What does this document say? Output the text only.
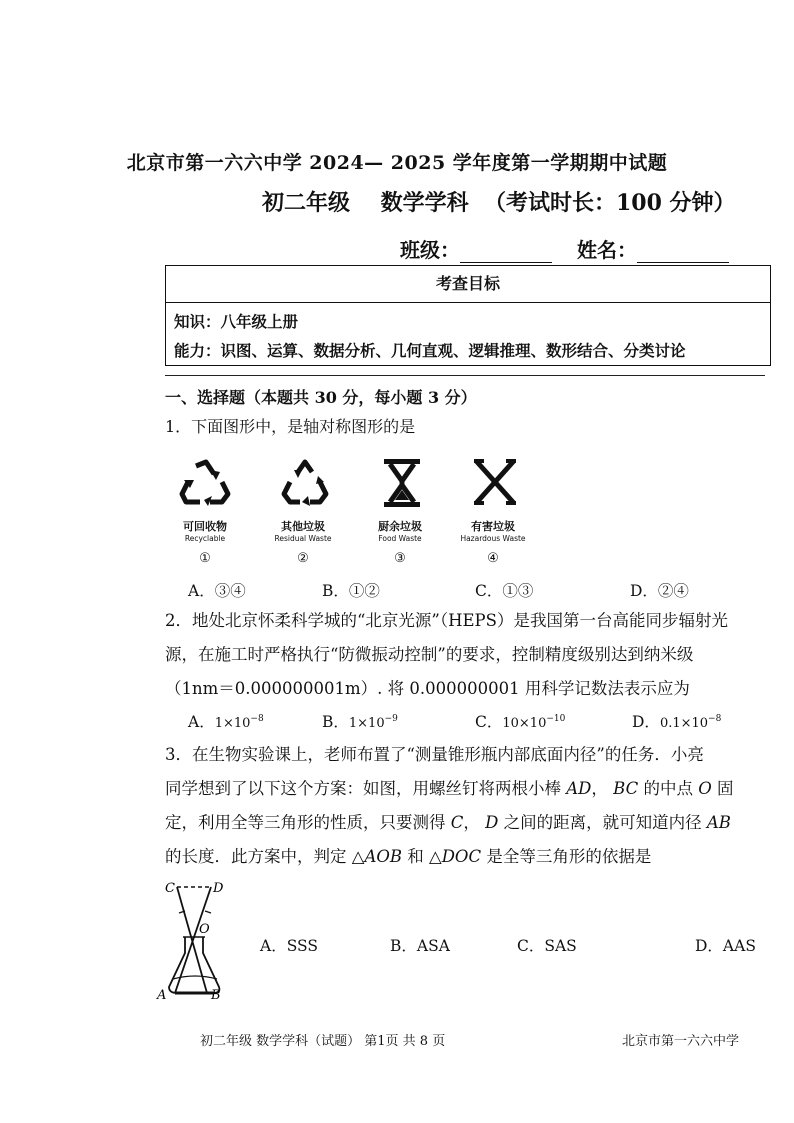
北京市第一六六中学 2024— 2025 学年度第一学期期中试题
初二年级    数学学科  （考试时长：100 分钟）
班级：	姓名：
考查目标
知识：八年级上册
能力：识图、运算、数据分析、几何直观、逻辑推理、数形结合、分类讨论
一、选择题（本题共 30 分，每小题 3 分）
1．下面图形中，是轴对称图形的是
可回收物
Recyclable
①
其他垃圾
Residual Waste
②
厨余垃圾
Food Waste
③
有害垃圾
Hazardous Waste
④
A．③④	B．①②	C．①③	D．②④
2．地处北京怀柔科学城的“北京光源”（HEPS）是我国第一台高能同步辐射光
源，在施工时严格执行“防微振动控制”的要求，控制精度级别达到纳米级
（1nm＝0.000000001m）. 将 0.000000001 用科学记数法表示应为
A．$1\times 10^{-8}$	B．$1\times 10^{-9}$	C．$10\times 10^{-10}$	D．$0.1\times 10^{-8}$
3．在生物实验课上，老师布置了“测量锥形瓶内部底面内径”的任务．小亮
同学想到了以下这个方案：如图，用螺丝钉将两根小棒 AD， BC 的中点 O 固
定，利用全等三角形的性质，只要测得 C， D 之间的距离，就可知道内径 AB
的长度．此方案中，判定 △AOB 和 △DOC 是全等三角形的依据是
C	D
O
A	B
A．SSS	B．ASA	C．SAS	D．AAS
初二年级 数学学科（试题） 第1页 共 8 页	北京市第一六六中学
